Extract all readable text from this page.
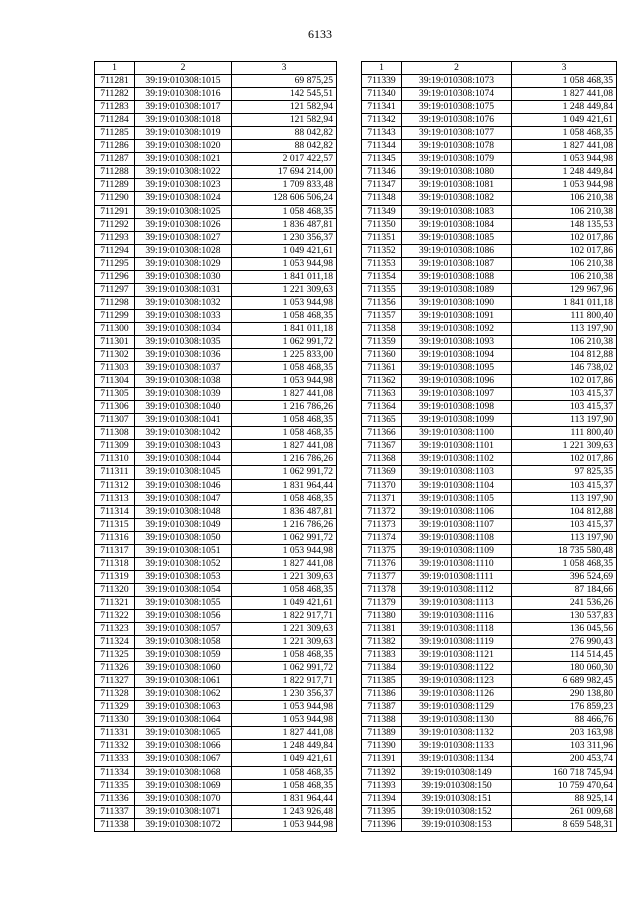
6133
1	2	3
711281	39:19:010308:1015	69 875,25
711282	39:19:010308:1016	142 545,51
711283	39:19:010308:1017	121 582,94
711284	39:19:010308:1018	121 582,94
711285	39:19:010308:1019	88 042,82
711286	39:19:010308:1020	88 042,82
711287	39:19:010308:1021	2 017 422,57
711288	39:19:010308:1022	17 694 214,00
711289	39:19:010308:1023	1 709 833,48
711290	39:19:010308:1024	128 606 506,24
711291	39:19:010308:1025	1 058 468,35
711292	39:19:010308:1026	1 836 487,81
711293	39:19:010308:1027	1 230 356,37
711294	39:19:010308:1028	1 049 421,61
711295	39:19:010308:1029	1 053 944,98
711296	39:19:010308:1030	1 841 011,18
711297	39:19:010308:1031	1 221 309,63
711298	39:19:010308:1032	1 053 944,98
711299	39:19:010308:1033	1 058 468,35
711300	39:19:010308:1034	1 841 011,18
711301	39:19:010308:1035	1 062 991,72
711302	39:19:010308:1036	1 225 833,00
711303	39:19:010308:1037	1 058 468,35
711304	39:19:010308:1038	1 053 944,98
711305	39:19:010308:1039	1 827 441,08
711306	39:19:010308:1040	1 216 786,26
711307	39:19:010308:1041	1 058 468,35
711308	39:19:010308:1042	1 058 468,35
711309	39:19:010308:1043	1 827 441,08
711310	39:19:010308:1044	1 216 786,26
711311	39:19:010308:1045	1 062 991,72
711312	39:19:010308:1046	1 831 964,44
711313	39:19:010308:1047	1 058 468,35
711314	39:19:010308:1048	1 836 487,81
711315	39:19:010308:1049	1 216 786,26
711316	39:19:010308:1050	1 062 991,72
711317	39:19:010308:1051	1 053 944,98
711318	39:19:010308:1052	1 827 441,08
711319	39:19:010308:1053	1 221 309,63
711320	39:19:010308:1054	1 058 468,35
711321	39:19:010308:1055	1 049 421,61
711322	39:19:010308:1056	1 822 917,71
711323	39:19:010308:1057	1 221 309,63
711324	39:19:010308:1058	1 221 309,63
711325	39:19:010308:1059	1 058 468,35
711326	39:19:010308:1060	1 062 991,72
711327	39:19:010308:1061	1 822 917,71
711328	39:19:010308:1062	1 230 356,37
711329	39:19:010308:1063	1 053 944,98
711330	39:19:010308:1064	1 053 944,98
711331	39:19:010308:1065	1 827 441,08
711332	39:19:010308:1066	1 248 449,84
711333	39:19:010308:1067	1 049 421,61
711334	39:19:010308:1068	1 058 468,35
711335	39:19:010308:1069	1 058 468,35
711336	39:19:010308:1070	1 831 964,44
711337	39:19:010308:1071	1 243 926,48
711338	39:19:010308:1072	1 053 944,98
1	2	3
711339	39:19:010308:1073	1 058 468,35
711340	39:19:010308:1074	1 827 441,08
711341	39:19:010308:1075	1 248 449,84
711342	39:19:010308:1076	1 049 421,61
711343	39:19:010308:1077	1 058 468,35
711344	39:19:010308:1078	1 827 441,08
711345	39:19:010308:1079	1 053 944,98
711346	39:19:010308:1080	1 248 449,84
711347	39:19:010308:1081	1 053 944,98
711348	39:19:010308:1082	106 210,38
711349	39:19:010308:1083	106 210,38
711350	39:19:010308:1084	148 135,53
711351	39:19:010308:1085	102 017,86
711352	39:19:010308:1086	102 017,86
711353	39:19:010308:1087	106 210,38
711354	39:19:010308:1088	106 210,38
711355	39:19:010308:1089	129 967,96
711356	39:19:010308:1090	1 841 011,18
711357	39:19:010308:1091	111 800,40
711358	39:19:010308:1092	113 197,90
711359	39:19:010308:1093	106 210,38
711360	39:19:010308:1094	104 812,88
711361	39:19:010308:1095	146 738,02
711362	39:19:010308:1096	102 017,86
711363	39:19:010308:1097	103 415,37
711364	39:19:010308:1098	103 415,37
711365	39:19:010308:1099	113 197,90
711366	39:19:010308:1100	111 800,40
711367	39:19:010308:1101	1 221 309,63
711368	39:19:010308:1102	102 017,86
711369	39:19:010308:1103	97 825,35
711370	39:19:010308:1104	103 415,37
711371	39:19:010308:1105	113 197,90
711372	39:19:010308:1106	104 812,88
711373	39:19:010308:1107	103 415,37
711374	39:19:010308:1108	113 197,90
711375	39:19:010308:1109	18 735 580,48
711376	39:19:010308:1110	1 058 468,35
711377	39:19:010308:1111	396 524,69
711378	39:19:010308:1112	87 184,66
711379	39:19:010308:1113	241 536,26
711380	39:19:010308:1116	130 537,83
711381	39:19:010308:1118	136 045,56
711382	39:19:010308:1119	276 990,43
711383	39:19:010308:1121	114 514,45
711384	39:19:010308:1122	180 060,30
711385	39:19:010308:1123	6 689 982,45
711386	39:19:010308:1126	290 138,80
711387	39:19:010308:1129	176 859,23
711388	39:19:010308:1130	88 466,76
711389	39:19:010308:1132	203 163,98
711390	39:19:010308:1133	103 311,96
711391	39:19:010308:1134	200 453,74
711392	39:19:010308:149	160 718 745,94
711393	39:19:010308:150	10 759 470,64
711394	39:19:010308:151	88 925,14
711395	39:19:010308:152	261 009,68
711396	39:19:010308:153	8 659 548,31
